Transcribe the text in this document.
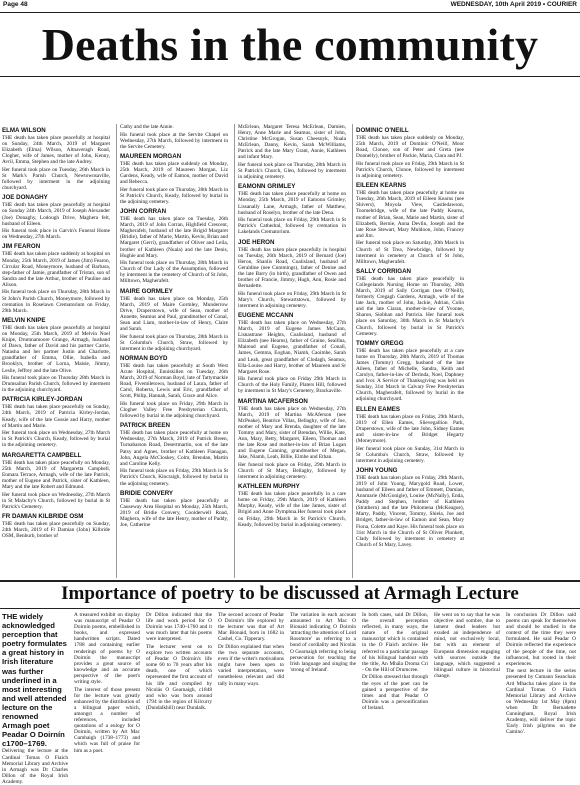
Page 48	WEDNESDAY, 10th April 2019 • COURIER
Deaths in the community
ELMA WILSON

THE death has taken place peacefully at hospital on Sunday, 24th March, 2019 of Margaret Elizabeth (Elma) Wilson, Altnaveragh Road, Clogher, wife of James, mother of John, Kenny, Avril, Emma, Stephen and the late Audrey.

Her funeral took place on Tuesday, 26th March in St Mark's Parish Church, Newtownsaville, followed by interment in the adjoining churchyard.

JOE DONAGHY

THE death has taken place peacefully at hospital on Sunday 24th March, 2019 of Joseph Alexander (Joe) Donaghy, Lodough Drive, Maghera felt, husband of Eileen.

His funeral took place in Garvin's Funeral Home on Wednesday, 27th March.

JIM FEARON

THE death has taken place suddenly at hospital on Monday, 25th March, 2019 of James (Jim) Fearon, Circular Road, Moneymore, husband of Barbara, step-father of Jamie, grandfather of Tristan, son of Sandra and the late Arthur, brother of Pauline and Alison.

His funeral took place on Thursday, 28th March in St John's Parish Church, Moneymore, followed by cremation in Roselawn Crematorium on Friday, 29th March.

MELVIN KNIPE

THE death has taken place peacefully at hospital on Monday, 25th March, 2019 of Melvin Noel Knipe, Drumnamoore Grange, Armagh, husband of Dawn, father of David and his partner Carrie, Natasha and her partner Justin and Charlotte, grandfather of Emma, Ollie, Isabella and Brooklyn, brother of Lorna, Maisie, Jimmy, Leslie, Jeffrey and the late Olive.

His funeral took place on Thursday 28th March in Drumsallan Parish Church, followed by interment in the adjoining churchyard.

PATRICIA KIRLEY-JORDAN

THE death has taken place peacefully on Sunday, 24th March, 2019 of Patricia Kirley-Jordan, Keady, wife of the late Gussie and Harry, mother of Martin and Marie.

Her funeral took place on Wednesday, 27th March in St Patrick's Church, Keady, followed by burial in the adjoining cemetery.

MARGARETTA CAMPBELL

THE death has taken place peacefully on Monday, 25th March, 2019 of Margaretta Campbell, Enmara Terrace, Armagh, wife of the late Patrick, mother of Eugene and Patrick, sister of Kathleen, Mary and the late Robert and Edmund.

Her funeral took place on Wednesday, 27th March in St Malachy's Church, followed by burial in St Patrick's Cemetery.

FR DAMIAN KILBRIDE OSM

THE death has taken place peacefully on Sunday, 24th March, 2019 of Fr Damian (John) Kilbride OSM, Benburb, brother of

Cathy and the late Annie.

His funeral took place at the Servite Chapel on Wednesday, 27th March, followed by interment in the Servite Cemetery.

MAUREEN MORGAN

THE death has taken place suddenly on Monday, 25th March, 2019 of Maureen Morgan, Liz Gardens, Keady, wife of Eamon, mother of David and Rebecca.

Her funeral took place on Thursday, 28th March in St Patrick's Church, Keady, followed by burial in the adjoining cemetery.

JOHN CORRAN

THE death has taken place on Tuesday, 26th March, 2019 of John Corran, Highfield Crescent, Magherafelt, husband of the late Brigid Margaret (Bridie), father of Marie, Martin, Kevin, Brian and Margaret (Gerri), grandfather of Oliver and Leila, brother of Kathleen (Nuala) and the late Denis, Hughie and Mary.

His funeral took place on Thursday, 28th March in Church of Our Lady of the Assumption, followed by interment in the cemetery of Church of St John, Milltown, Magherafelt.

MAIRE GORMLEY

THE death has taken place on Monday, 25th March, 2019 of Maire Gormley, Munderrow Drive, Draperstown, wife of Sean, mother of Annette, Seamus and Paul, grandmother of Conal, Sean and Liam, mother-in-law of Henry, Claire and Sarah.

Her funeral took place on Thursday, 28th March in St Columba's Church, Straw, followed by interment in the adjoining churchyard.

NORMAN BOYD

THE death has taken peacefully at South West Acute Hospital, Enniskillen on Tuesday, 26th March, 2019 of Norman Boyd, late of Tattymackle Road, Fivemiletown, husband of Laura, father of Carol, Roberta, Lewis and Eric, grandfather of Scott, Philip, Hannah, Sarah, Grace and Alice.

His funeral took place on Friday, 29th March in Clogher Valley Free Presbyterian Church, followed by burial in the adjoining churchyard.

PATRICK BREEN

THE death has taken place peacefully at home on Wednesday, 27th March, 2019 of Patrick Breen, Turnabarson Road, Desertmartin, son of the late Patsy and Agnes, brother of Kathleen Flanagan, John, Angela McCloskey, Colm, Brendan, Martin and Caroline Kelly.

His funeral took place on Friday, 29th March in St Patrick's Church, Kincraigh, followed by burial in the adjoining cemetery.

BRIDIE CONVERY

THE death has taken place peacefully at Causeway Area Hospital on Monday, 25th March, 2019 of Bridie Convery, Coolderwell Road, Maghera, wife of the late Henry, mother of Paddy, Joe, Catherine

McErlean, Margaret Teresa McErlean, Damien, Henry, Anne Marie and Seamus, sister of John, Christine McGrogan, Susan Cheesnyk, Nuala McErlean, Danny, Kevin, Sarah McWilliams, Patrick and the late Mary Grant, Annie, Kathleen and infant Mary.

Her funeral took place on Thursday, 28th March in St Patrick's Church, Glen, followed by interment in adjoining cemetery.

EAMONN GRIMLEY

THE death has taken place peacefully at home on Monday, 25th March, 2019 of Eamonn Grimley, Lissanally Lane, Armagh, father of Matthew, husband of Roselyn, brother of the late Dena.

His funeral took place on Friday, 29th March in St Patrick's Cathedral, followed by cremation in Lakelands Crematorium.

JOE HERON

THE death has taken place peacefully in hospital on Tuesday, 26th March, 2019 of Bernard (Joe) Heron, Shanlis Road, Coalisland, husband of Geraldine (nee Cummings), father of Denise and the late Barry (in birth), grandfather of Owen and brother of Francie, Jimmy, Hugh, Ann, Rosie and Bernadette.

His funeral took place on Friday, 29th March in St Mary's Church, Stewartstown, followed by interment in adjoining cemetery.

EUGENE MCCANN

THE death has taken place on Wednesday, 27th March, 2019 of Eugene James McCann, Lisnastrane Heights, Coalisland, husband of Elizabeth (nee Hearns), father of Graine, Seaillna, Mairead and Eugene, grandfather of Conall, James, Gemma, Eoghan, Niamh, Caoimhe, Sarah and Leah, great grandfather of Clodagh, Seamus, Ella-Louise and Harry, brother of Maureen and Sr Margaret Rose.

His funeral took place on Friday 29th March in Church of the Holy Family, Platers Hill, followed by interment in St Mary's Cemetery, Brackaville.

MARTINA MCAFERSON

THE death has taken place on Wednesday, 27th March, 2019 of Martina McAferson (nee McPeake), Beatrice Villas, Bellaghy, wife of Joe, mother of Mary and Brenda, daughter of the late Tommy and Mary, sister of Brendan, Willie, Kate, Ann, Mary, Betty, Margaret, Eileen, Thomas and the late Rose and mother-in-law of Brian Logan and Eugene Canning, grandmother of Megan, Jake, Niamh, Leah, Billie, Eimhe and Ethan.

Her funeral took place on Friday, 29th March in Church of St Mary, Bellaghy, followed by interment in adjoining cemetery.

KATHLEEN MURPHY

THE death has taken place peacefully in a care home on Friday, 29th March, 2019 of Kathleen Murphy, Keady, wife of the late James, sister of Brigid and Anne Dymphna.Her funeral took place on Friday, 29th March in St Patrick's Church, Keady, followed by burial in adjoining cemetery.

DOMINIC O'NEILL

THE death has taken place suddenly on Monday, 25th March, 2019 of Dominic O'Neill, Moor Road, Clonoe, son of Peter and Greta (nee Donnelly), brother of Packie, Maria, Ciara and PJ.

His funeral took place on Friday, 29th March in St Patrick's Church, Clonoe, followed by interment in adjoining cemetery.

EILEEN KEARNS

THE death has taken place peacefully at home on Tuesday, 26th March, 2019 of Eileen Kearns (nee Shivers), Moyola View, Castledawson, Toomebridge, wife of the late Paddy Kearns, mother of Brian, Sean, Marie and Martin, sister of Elizabeth, Bernie, Anna Devlin, Joseph and the late Rose Stewart, Mary Muldoon, John, Francey and Jim.

Her funeral took place on Saturday, 30th March in Church of St Trea, Newbridge, followed by interment in cemetery at Church of St John, Milltown, Magherafelt.

SALLY CORRIGAN

THE death has taken place peacefully in Collegelands Nursing Home on Thursday, 28th March, 2019 of Sally Corrigan (nee O'Neill), formerly Cregagh Gardens, Armagh, wife of the late Jack, mother of John, Jackie, Adrian, Colin and the late Ciaran, mother-in-law of Yvonne, Sharon, Siobhan and Patricia. Her funeral took place on Saturday, 30th March in St Malachy's Church, followed by burial in St Patrick's Cemetery.

TOMMY GREGG

THE death has taken place peacefully at a care home on Thursday, 28th March, 2019 of Thomas James (Tommy) Gregg, husband of the late Aileen, father of Michelle, Sandra, Keith and Carolyn, father-in-law of Derinda, Noel, Daphney and Ivor. A Service of Thanksgiving was held on Sunday, 31st March in Calvary Free Presbyterian Church, Magherafelt, followed by burial in the adjoining churchyard.

ELLEN EAMES

THE death has taken place on Friday, 29th March, 2019 of Ellen Eames, Slievegallion Park, Draperstown, wife of the late John, Sidney Eames and sister-in-law of Bridget Hegarty (Moneymore).

Her funeral took place on Sunday, 31st March in St Columba's Church, Straw, followed by interment in adjoining cemetery.

JOHN YOUNG

THE death has taken place on Friday, 29th March, 2019 of John Young, Marygold Road, Lower, husband of Eileen and father of Emmett, Damian, Annmarie (McGonigle), Louise (McNally), Enda, Paddy and Stephen, brother of Kathleen (Strathern) and the late Philomena (McKeague), Marty, Paddy, Vincent, Tommy, Shiela, Joe and Bridget, father-in-law of Eamon and Sean, Mary Fiona, Colette and Kaye. His funeral took place on 31st March in the Church of St Oliver Plunkett, Clady followed by interment in cemetery at Church of St Mary, Lavey.

Importance of poetry to be discussed at Armagh Lecture
THE widely acknowledged perception that poetry formulates a great history in Irish literature was further underlined in a most interesting and well attended lecture on the renowned Armagh poet Peadar O Doirnín c1700–1769.

Delivering the lecture at the Cardinal Tomas O Fiaich Memorial Library and Archive in Armagh was Dr Charles Dillon of the Royal Irish Academy.

A treasured exhibit on display was manuscript of Peadar O Doirnín poems, embellished in books, and expressed handwritten scripts. Dated 1788 and containing earlier renderings of poems by O Doirnín the manuscript provides a great source of knowledge and an accurate perspective of the poet's writing style.

The interest of those present for the lecture was greatly enhanced by the distribution of a bilingual paper which, amongst a number of references, included quotations of a eulogy for O Doirnín, written by Art Mac Cumhaigh (1738–1773) and which was full of praise for him as a poet.

Dr Dillon indicated that the life and work period for O Doirnín was 1740–1760 and it was much later that his poems were interpreted.

The lecturer went on to explore two written accounts of Peadar O Doirnín's life some 60 to 70 years after his death, one of which represented the first account of his life and compiled by Nicolás O Gearnaigh, c1848 and who was born around 1794 in the region of Kilcurry (Dundalkhill) near Dundalk.

The second account of Peadar O Doirnín's life explored by the lecturer was that of Art Mac Bionaid, born in 1682 in Cashel, Co. Tipperary.

Dr Dillon explained that when the two separate accounts, even if the writer's motivations might have been open to varied interpretation, were nonetheless relevant and did tally in many ways.

The variation in each account amounted to Art Mac O Bionaid indicating O Doirnín 'attracting the attention of Lord Rossmore' as referring to a bond of cordiality and Nicolás O Gearnaigh referring to being persecution for teaching the Irish language and singing the 'strong of Ireland'.

In both cases, said Dr Dillon, the overall perception reflected, in many ways, the nature of the original manuscript which is contained in the O Fiaich archive. He referred to a particular passage of his bilingual handout with the title, An Mhála Droma Cri - On the Hill of Drumcree.

Dr Dillon stressed that through the eyes of the poet can be gained a perspective of the times and that Peadar O Doirnín was a personification of Ireland.

He went on to say that he was objective and sombre, due to lament dead leaders but exuded an independence of mind, not exclusively local, but with an element of European dimension engaging with sources outside the language, which suggested a bilingual culture in historical change.

In conclusion Dr Dillon said poems can speak for themselves and should be studied in the context of the time they were formulated. He said Peadar O Doirnín reflected the experience of the people of the time, not influenced, but rooted in their experiences.

The next lecture in the series presented by Cumann Seanchais Ard Mhacha takes place in the Cardinal Tomas O Fiaich Memorial Library and Archive on Wednesday 1st May (8pm) when Dr Bernadette Cunningham, Royal Irish Academy, will deliver the topic 'Early Irish pilgrims on the Camino'.
